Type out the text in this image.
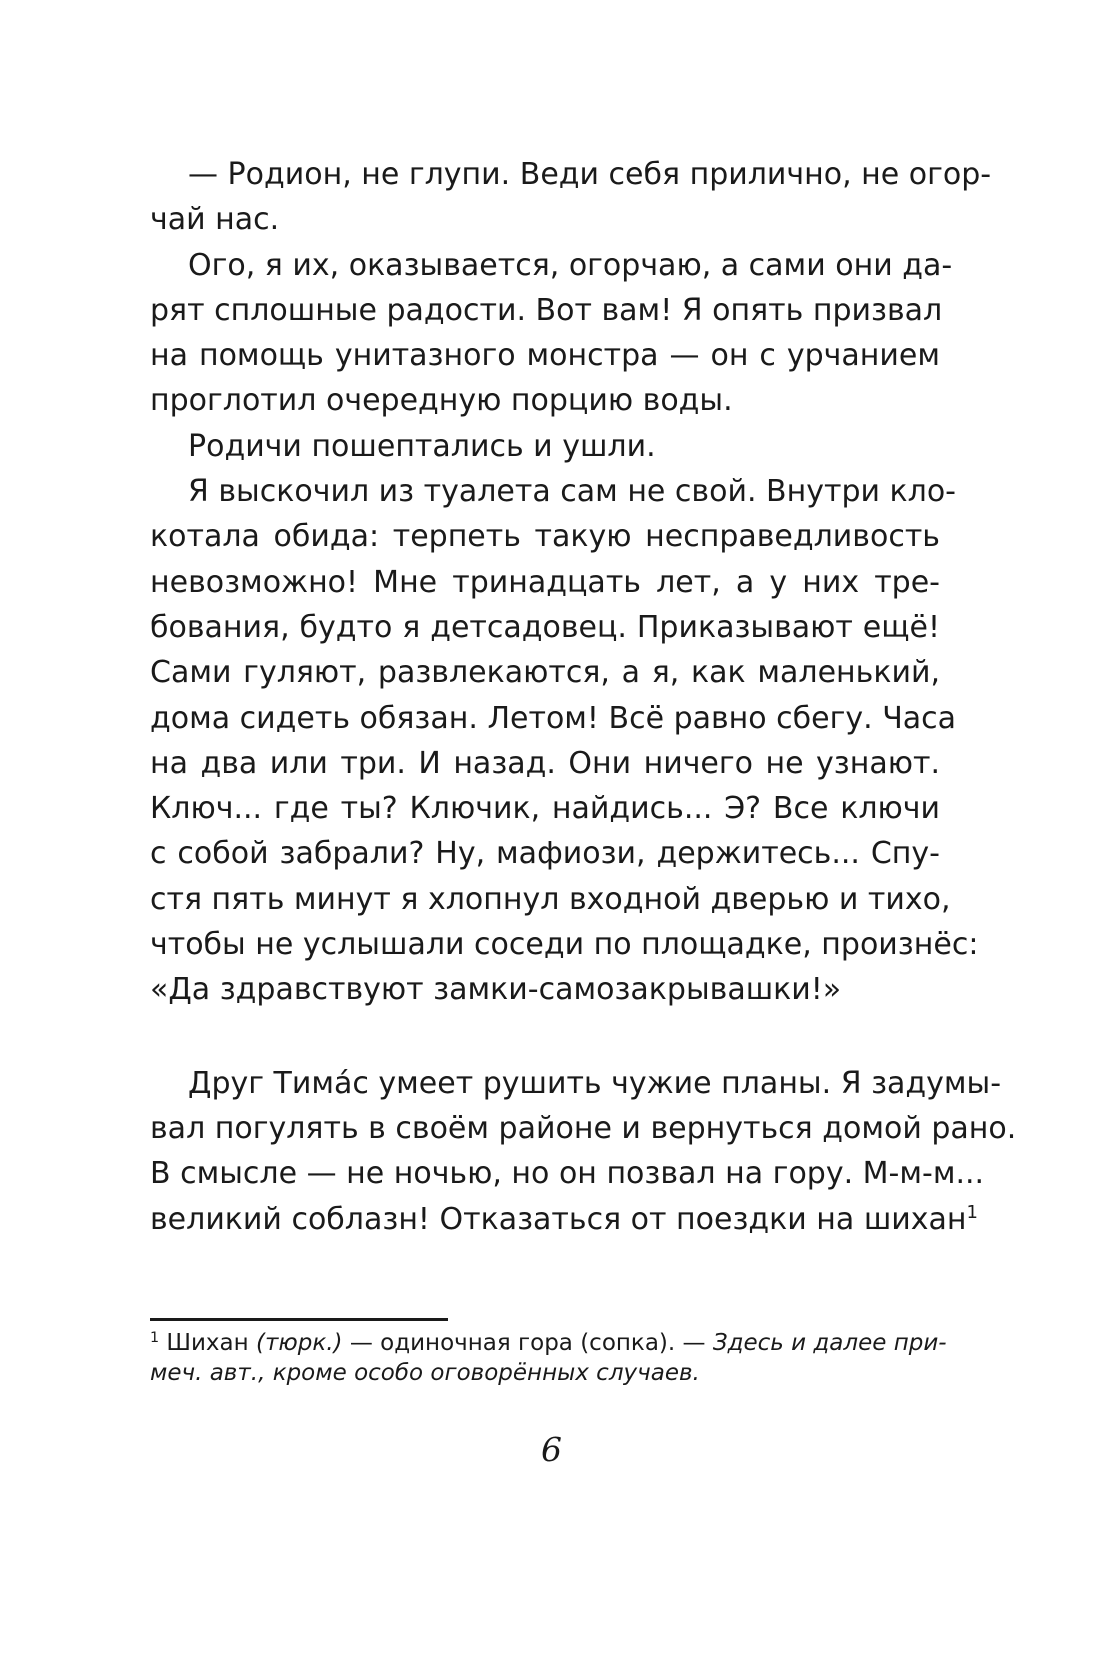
— Родион, не глупи. Веди себя прилично, не огор-
чай нас.
Ого, я их, оказывается, огорчаю, а сами они да-
рят сплошные радости. Вот вам! Я опять призвал
на помощь унитазного монстра — он с урчанием
проглотил очередную порцию воды.
Родичи пошептались и ушли.
Я выскочил из туалета сам не свой. Внутри кло-
котала обида: терпеть такую несправедливость
невозможно! Мне тринадцать лет, а у них тре-
бования, будто я детсадовец. Приказывают ещё!
Сами гуляют, развлекаются, а я, как маленький,
дома сидеть обязан. Летом! Всё равно сбегу. Часа
на два или три. И назад. Они ничего не узнают.
Ключ... где ты? Ключик, найдись... Э? Все ключи
с собой забрали? Ну, мафиози, держитесь... Спу-
стя пять минут я хлопнул входной дверью и тихо,
чтобы не услышали соседи по площадке, произнёс:
«Да здравствуют замки-самозакрывашки!»
Друг Тима́с умеет рушить чужие планы. Я задумы-
вал погулять в своём районе и вернуться домой рано.
В смысле — не ночью, но он позвал на гору. М-м-м...
великий соблазн! Отказаться от поездки на шихан$^1$
$^1$ Шихан (тюрк.) — одиночная гора (сопка). — Здесь и далее при-
меч. авт., кроме особо оговорённых случаев.
6
